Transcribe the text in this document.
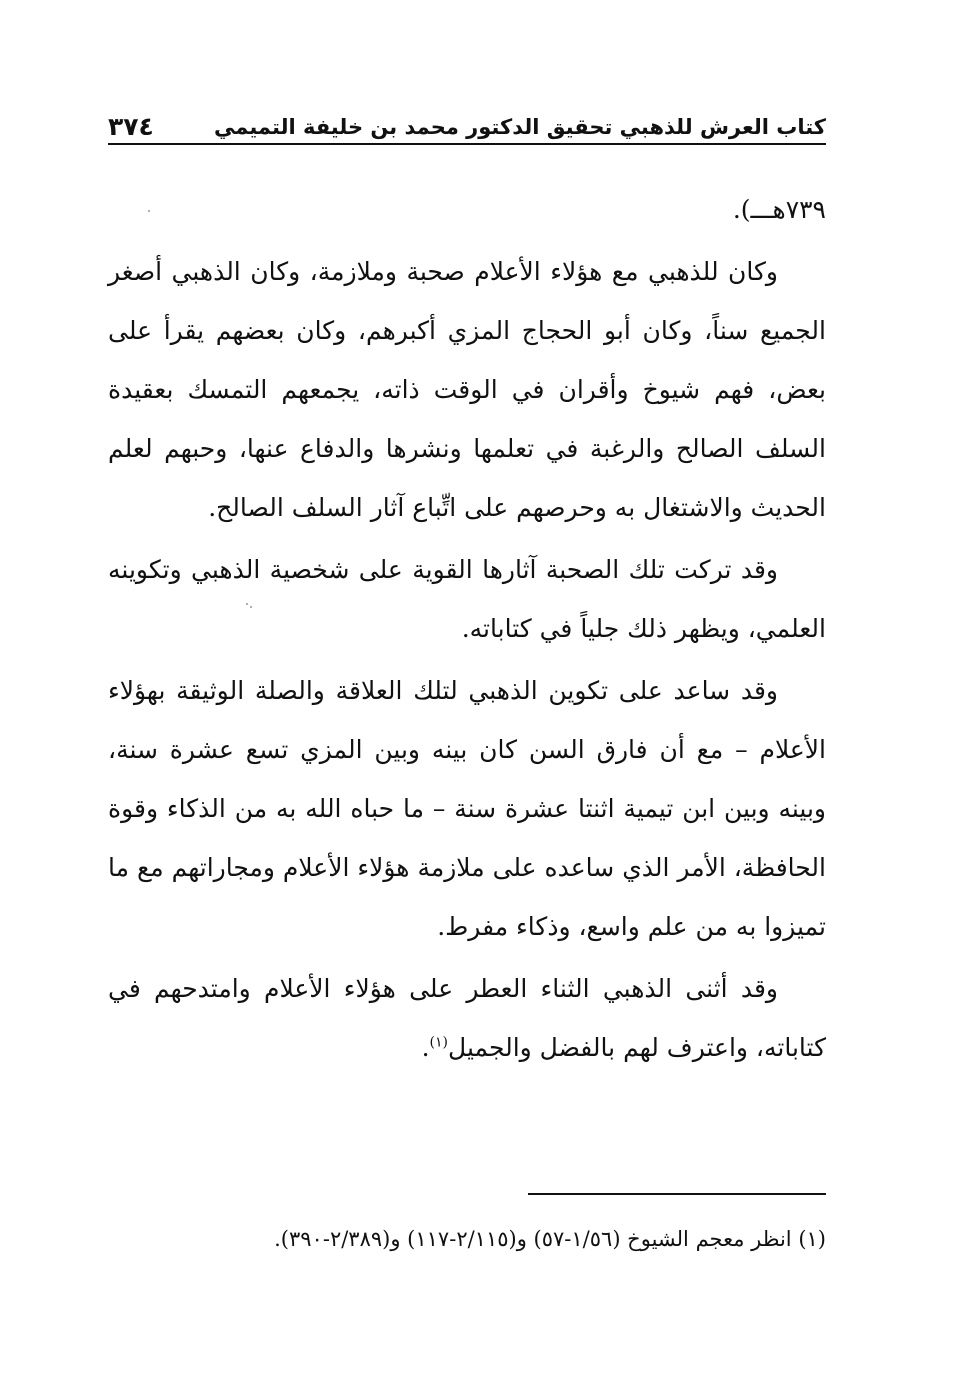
كتاب العرش للذهبي تحقيق الدكتور محمد بن خليفة التميمي
٣٧٤

٧٣٩هـــ).

وكان للذهبي مع هؤلاء الأعلام صحبة وملازمة، وكان الذهبي أصغر الجميع سناً، وكان أبو الحجاج المزي أكبرهم، وكان بعضهم يقرأ على بعض، فهم شيوخ وأقران في الوقت ذاته، يجمعهم التمسك بعقيدة السلف الصالح والرغبة في تعلمها ونشرها والدفاع عنها، وحبهم لعلم الحديث والاشتغال به وحرصهم على اتِّباع آثار السلف الصالح.

وقد تركت تلك الصحبة آثارها القوية على شخصية الذهبي وتكوينه العلمي، ويظهر ذلك جلياً في كتاباته.

وقد ساعد على تكوين الذهبي لتلك العلاقة والصلة الوثيقة بهؤلاء الأعلام – مع أن فارق السن كان بينه وبين المزي تسع عشرة سنة، وبينه وبين ابن تيمية اثنتا عشرة سنة – ما حباه الله به من الذكاء وقوة الحافظة، الأمر الذي ساعده على ملازمة هؤلاء الأعلام ومجاراتهم مع ما تميزوا به من علم واسع، وذكاء مفرط.

وقد أثنى الذهبي الثناء العطر على هؤلاء الأعلام وامتدحهم في كتاباته، واعترف لهم بالفضل والجميل$^{(١)}$.

(١) انظر معجم الشيوخ (١/٥٦-٥٧) و(٢/١١٥-١١٧) و(٢/٣٨٩-٣٩٠).
